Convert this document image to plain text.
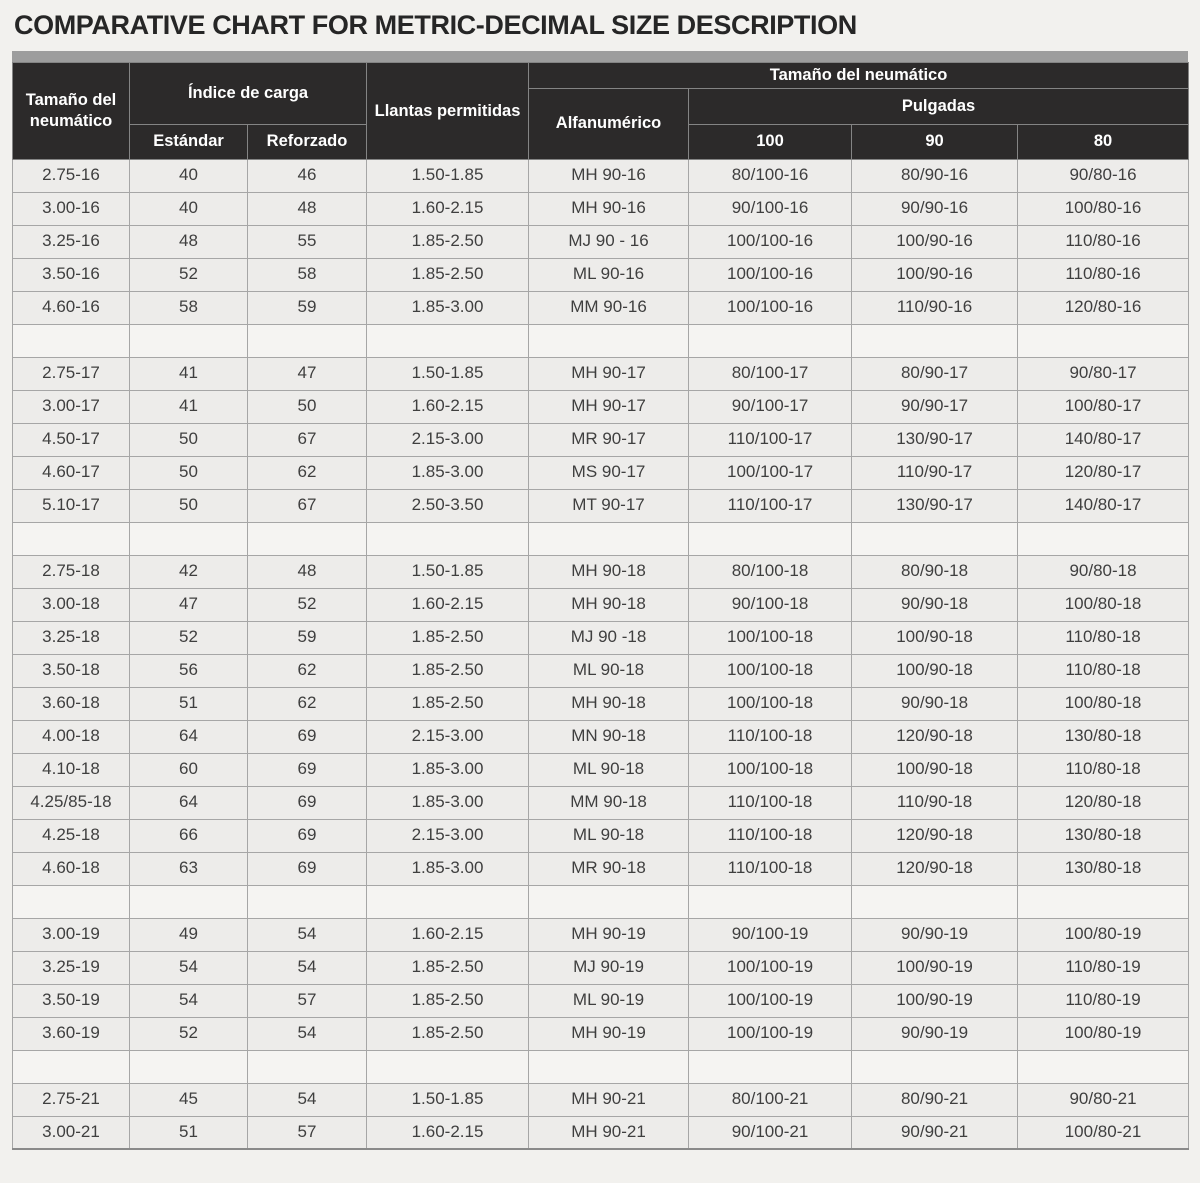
COMPARATIVE CHART FOR METRIC-DECIMAL SIZE DESCRIPTION
Tamaño del neumático	Índice de carga		Llantas permitidas	Tamaño del neumático			
				Alfanumérico	Pulgadas		
	Estándar	Reforzado			100	90	80
2.75-16	40	46	1.50-1.85	MH 90-16	80/100-16	80/90-16	90/80-16
3.00-16	40	48	1.60-2.15	MH 90-16	90/100-16	90/90-16	100/80-16
3.25-16	48	55	1.85-2.50	MJ 90 - 16	100/100-16	100/90-16	110/80-16
3.50-16	52	58	1.85-2.50	ML 90-16	100/100-16	100/90-16	110/80-16
4.60-16	58	59	1.85-3.00	MM 90-16	100/100-16	110/90-16	120/80-16

2.75-17	41	47	1.50-1.85	MH 90-17	80/100-17	80/90-17	90/80-17
3.00-17	41	50	1.60-2.15	MH 90-17	90/100-17	90/90-17	100/80-17
4.50-17	50	67	2.15-3.00	MR 90-17	110/100-17	130/90-17	140/80-17
4.60-17	50	62	1.85-3.00	MS 90-17	100/100-17	110/90-17	120/80-17
5.10-17	50	67	2.50-3.50	MT 90-17	110/100-17	130/90-17	140/80-17

2.75-18	42	48	1.50-1.85	MH 90-18	80/100-18	80/90-18	90/80-18
3.00-18	47	52	1.60-2.15	MH 90-18	90/100-18	90/90-18	100/80-18
3.25-18	52	59	1.85-2.50	MJ 90 -18	100/100-18	100/90-18	110/80-18
3.50-18	56	62	1.85-2.50	ML 90-18	100/100-18	100/90-18	110/80-18
3.60-18	51	62	1.85-2.50	MH 90-18	100/100-18	90/90-18	100/80-18
4.00-18	64	69	2.15-3.00	MN 90-18	110/100-18	120/90-18	130/80-18
4.10-18	60	69	1.85-3.00	ML 90-18	100/100-18	100/90-18	110/80-18
4.25/85-18	64	69	1.85-3.00	MM 90-18	110/100-18	110/90-18	120/80-18
4.25-18	66	69	2.15-3.00	ML 90-18	110/100-18	120/90-18	130/80-18
4.60-18	63	69	1.85-3.00	MR 90-18	110/100-18	120/90-18	130/80-18

3.00-19	49	54	1.60-2.15	MH 90-19	90/100-19	90/90-19	100/80-19
3.25-19	54	54	1.85-2.50	MJ 90-19	100/100-19	100/90-19	110/80-19
3.50-19	54	57	1.85-2.50	ML 90-19	100/100-19	100/90-19	110/80-19
3.60-19	52	54	1.85-2.50	MH 90-19	100/100-19	90/90-19	100/80-19

2.75-21	45	54	1.50-1.85	MH 90-21	80/100-21	80/90-21	90/80-21
3.00-21	51	57	1.60-2.15	MH 90-21	90/100-21	90/90-21	100/80-21
